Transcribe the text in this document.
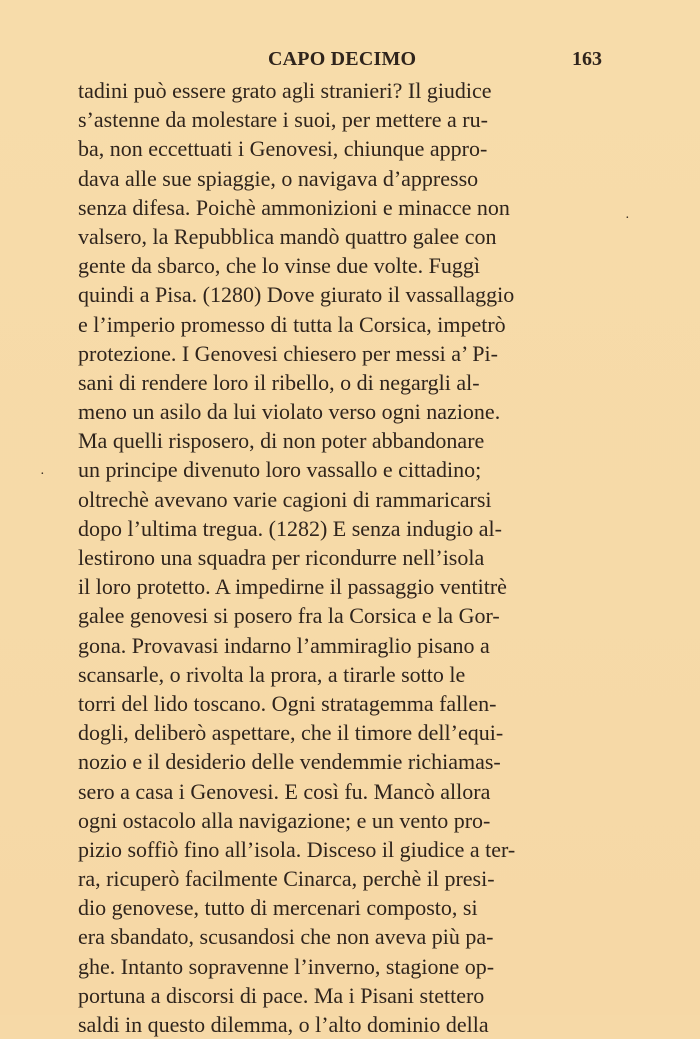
CAPO DECIMO	163
·
·
tadini può essere grato agli stranieri? Il giudice
s’astenne da molestare i suoi, per mettere a ru-
ba, non eccettuati i Genovesi, chiunque appro-
dava alle sue spiaggie, o navigava d’appresso
senza difesa. Poichè ammonizioni e minacce non
valsero, la Repubblica mandò quattro galee con
gente da sbarco, che lo vinse due volte. Fuggì
quindi a Pisa. (1280) Dove giurato il vassallaggio
e l’imperio promesso di tutta la Corsica, impetrò
protezione. I Genovesi chiesero per messi a’ Pi-
sani di rendere loro il ribello, o di negargli al-
meno un asilo da lui violato verso ogni nazione.
Ma quelli risposero, di non poter abbandonare
un principe divenuto loro vassallo e cittadino;
oltrechè avevano varie cagioni di rammaricarsi
dopo l’ultima tregua. (1282) E senza indugio al-
lestirono una squadra per ricondurre nell’isola
il loro protetto. A impedirne il passaggio ventitrè
galee genovesi si posero fra la Corsica e la Gor-
gona. Provavasi indarno l’ammiraglio pisano a
scansarle, o rivolta la prora, a tirarle sotto le
torri del lido toscano. Ogni stratagemma fallen-
dogli, deliberò aspettare, che il timore dell’equi-
nozio e il desiderio delle vendemmie richiamas-
sero a casa i Genovesi. E così fu. Mancò allora
ogni ostacolo alla navigazione; e un vento pro-
pizio soffiò fino all’isola. Disceso il giudice a ter-
ra, ricuperò facilmente Cinarca, perchè il presi-
dio genovese, tutto di mercenari composto, si
era sbandato, scusandosi che non aveva più pa-
ghe. Intanto sopravenne l’inverno, stagione op-
portuna a discorsi di pace. Ma i Pisani stettero
saldi in questo dilemma, o l’alto dominio della
